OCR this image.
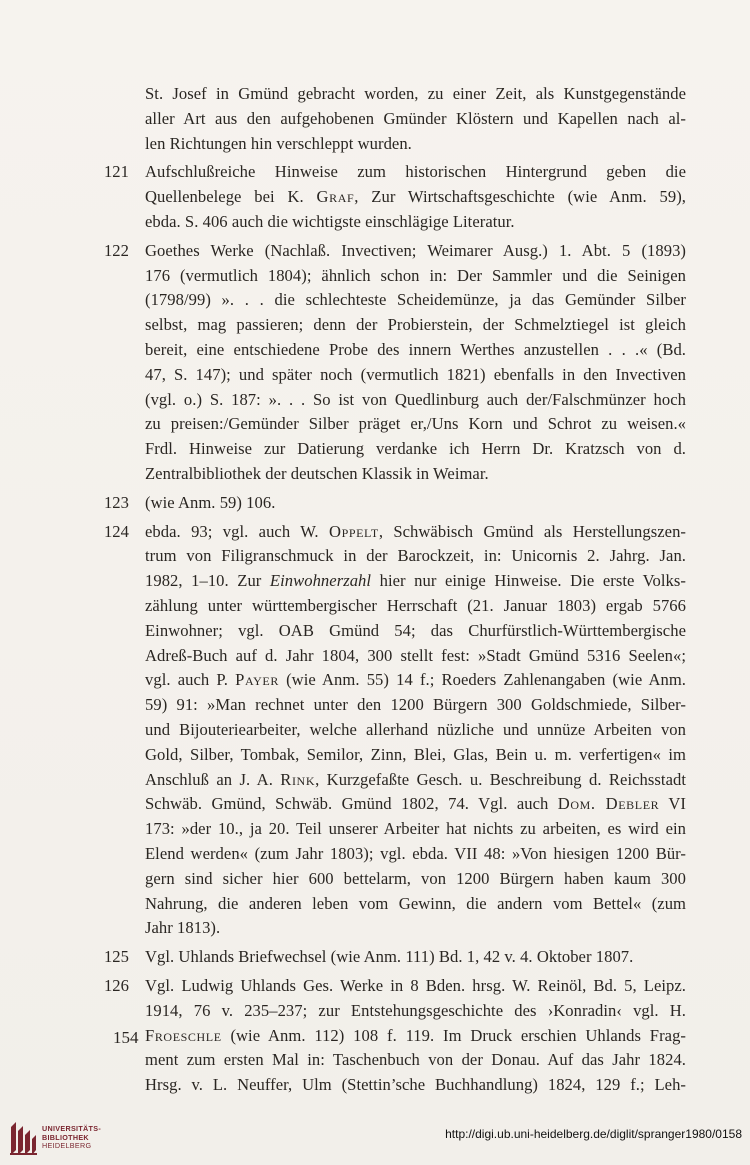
St. Josef in Gmünd gebracht worden, zu einer Zeit, als Kunstgegenstände
aller Art aus den aufgehobenen Gmünder Klöstern und Kapellen nach al-
len Richtungen hin verschleppt wurden.
121 Aufschlußreiche Hinweise zum historischen Hintergrund geben die
Quellenbelege bei K. Graf, Zur Wirtschaftsgeschichte (wie Anm. 59),
ebda. S. 406 auch die wichtigste einschlägige Literatur.
122 Goethes Werke (Nachlaß. Invectiven; Weimarer Ausg.) 1. Abt. 5 (1893)
176 (vermutlich 1804); ähnlich schon in: Der Sammler und die Seinigen
(1798/99) ». . . die schlechteste Scheidemünze, ja das Gemünder Silber
selbst, mag passieren; denn der Probierstein, der Schmelztiegel ist gleich
bereit, eine entschiedene Probe des innern Werthes anzustellen . . .« (Bd.
47, S. 147); und später noch (vermutlich 1821) ebenfalls in den Invectiven
(vgl. o.) S. 187: ». . . So ist von Quedlinburg auch der/Falschmünzer hoch
zu preisen:/Gemünder Silber präget er,/Uns Korn und Schrot zu weisen.«
Frdl. Hinweise zur Datierung verdanke ich Herrn Dr. Kratzsch von d.
Zentralbibliothek der deutschen Klassik in Weimar.
123 (wie Anm. 59) 106.
124 ebda. 93; vgl. auch W. Oppelt, Schwäbisch Gmünd als Herstellungszen-
trum von Filigranschmuck in der Barockzeit, in: Unicornis 2. Jahrg. Jan.
1982, 1–10. Zur Einwohnerzahl hier nur einige Hinweise. Die erste Volks-
zählung unter württembergischer Herrschaft (21. Januar 1803) ergab 5766
Einwohner; vgl. OAB Gmünd 54; das Churfürstlich-Württembergische
Adreß-Buch auf d. Jahr 1804, 300 stellt fest: »Stadt Gmünd 5316 Seelen«;
vgl. auch P. Payer (wie Anm. 55) 14 f.; Roeders Zahlenangaben (wie Anm.
59) 91: »Man rechnet unter den 1200 Bürgern 300 Goldschmiede, Silber-
und Bijouteriearbeiter, welche allerhand nüzliche und unnüze Arbeiten von
Gold, Silber, Tombak, Semilor, Zinn, Blei, Glas, Bein u. m. verfertigen« im
Anschluß an J. A. Rink, Kurzgefaßte Gesch. u. Beschreibung d. Reichsstadt
Schwäb. Gmünd, Schwäb. Gmünd 1802, 74. Vgl. auch Dom. Debler VI
173: »der 10., ja 20. Teil unserer Arbeiter hat nichts zu arbeiten, es wird ein
Elend werden« (zum Jahr 1803); vgl. ebda. VII 48: »Von hiesigen 1200 Bür-
gern sind sicher hier 600 bettelarm, von 1200 Bürgern haben kaum 300
Nahrung, die anderen leben vom Gewinn, die andern vom Bettel« (zum
Jahr 1813).
125 Vgl. Uhlands Briefwechsel (wie Anm. 111) Bd. 1, 42 v. 4. Oktober 1807.
126 Vgl. Ludwig Uhlands Ges. Werke in 8 Bden. hrsg. W. Reinöl, Bd. 5, Leipz.
1914, 76 v. 235–237; zur Entstehungsgeschichte des ›Konradin‹ vgl. H.
Froeschle (wie Anm. 112) 108 f. 119. Im Druck erschien Uhlands Frag-
ment zum ersten Mal in: Taschenbuch von der Donau. Auf das Jahr 1824.
Hrsg. v. L. Neuffer, Ulm (Stettin’sche Buchhandlung) 1824, 129 f.; Leh-
154
UNIVERSITÄTS-
BIBLIOTHEK
HEIDELBERG
http://digi.ub.uni-heidelberg.de/diglit/spranger1980/0158
